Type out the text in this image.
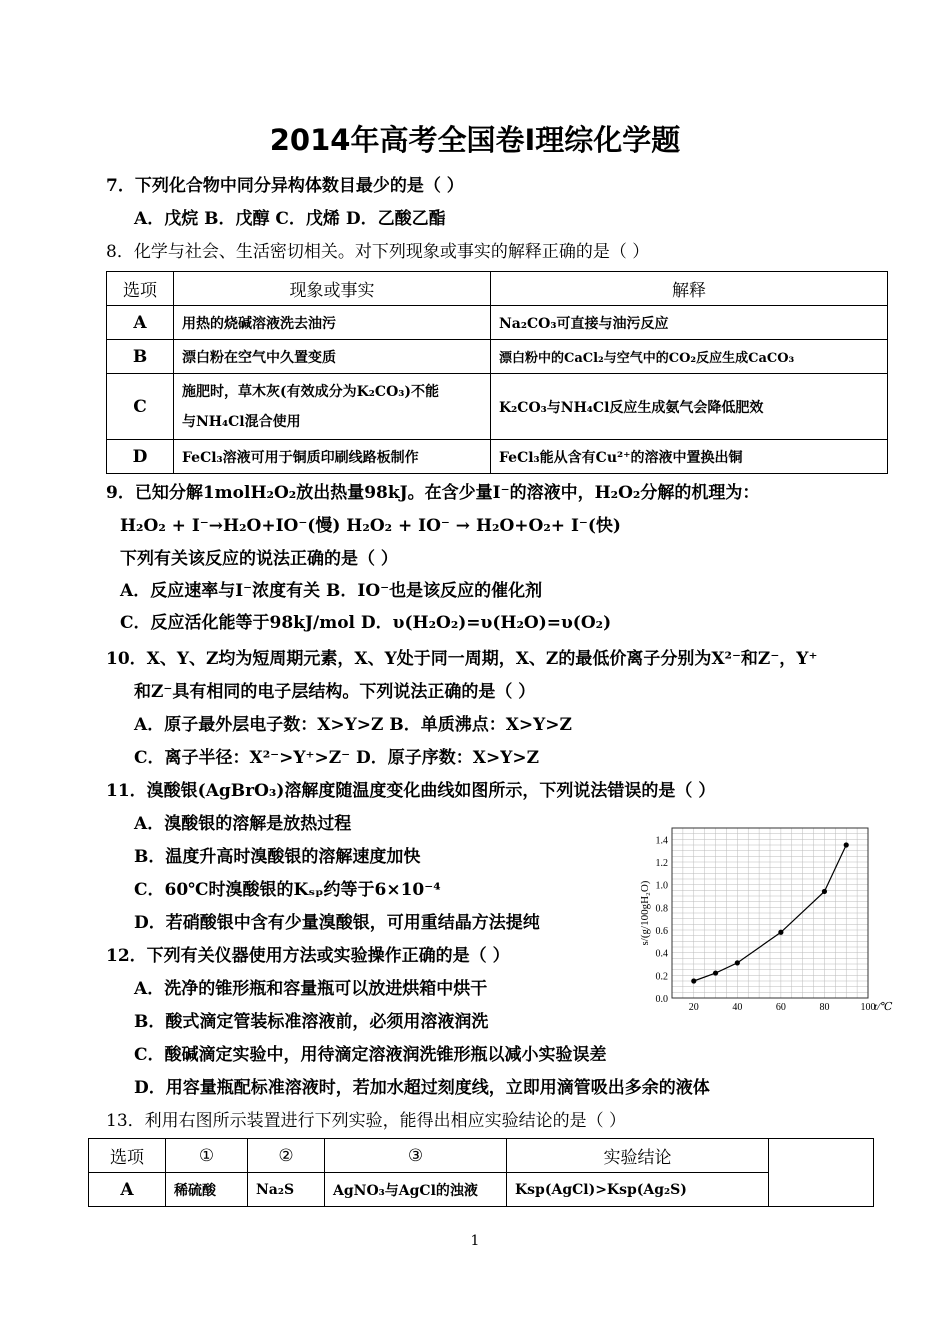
2014年高考全国卷I理综化学题
7．下列化合物中同分异构体数目最少的是（ ）
A．戊烷 B．戊醇 C．戊烯 D．乙酸乙酯
8．化学与社会、生活密切相关。对下列现象或事实的解释正确的是（ ）
选项	现象或事实	解释
A	用热的烧碱溶液洗去油污	Na₂CO₃可直接与油污反应
B	漂白粉在空气中久置变质	漂白粉中的CaCl₂与空气中的CO₂反应生成CaCO₃
C	施肥时，草木灰(有效成分为K₂CO₃)不能
与NH₄Cl混合使用	K₂CO₃与NH₄Cl反应生成氨气会降低肥效
D	FeCl₃溶液可用于铜质印刷线路板制作	FeCl₃能从含有Cu²⁺的溶液中置换出铜
9．已知分解1molH₂O₂放出热量98kJ。在含少量I⁻的溶液中，H₂O₂分解的机理为：
H₂O₂ + I⁻→H₂O+IO⁻(慢) H₂O₂ + IO⁻ → H₂O+O₂+ I⁻(快)
下列有关该反应的说法正确的是（ ）
A．反应速率与I⁻浓度有关 B．IO⁻也是该反应的催化剂
C．反应活化能等于98kJ/mol D．υ(H₂O₂)=υ(H₂O)=υ(O₂)
10．X、Y、Z均为短周期元素，X、Y处于同一周期，X、Z的最低价离子分别为X²⁻和Z⁻，Y⁺
和Z⁻具有相同的电子层结构。下列说法正确的是（ ）
A．原子最外层电子数：X>Y>Z B．单质沸点：X>Y>Z
C．离子半径：X²⁻>Y⁺>Z⁻ D．原子序数：X>Y>Z
11．溴酸银(AgBrO₃)溶解度随温度变化曲线如图所示，下列说法错误的是（ ）
A．溴酸银的溶解是放热过程
B．温度升高时溴酸银的溶解速度加快
C．60℃时溴酸银的Kₛₚ约等于6×10⁻⁴
D．若硝酸银中含有少量溴酸银，可用重结晶方法提纯
0.0
0.2
0.4
0.6
0.8
1.0
1.2
1.4
20	40	60	80	100
t/℃
s/(g/100gH₂O)
12．下列有关仪器使用方法或实验操作正确的是（ ）
A．洗净的锥形瓶和容量瓶可以放进烘箱中烘干
B．酸式滴定管装标准溶液前，必须用溶液润洗
C．酸碱滴定实验中，用待滴定溶液润洗锥形瓶以减小实验误差
D．用容量瓶配标准溶液时，若加水超过刻度线，立即用滴管吸出多余的液体
13．利用右图所示装置进行下列实验，能得出相应实验结论的是（ ）
选项	①	②	③	实验结论	
A	稀硫酸	Na₂S	AgNO₃与AgCl的浊液	Ksp(AgCl)>Ksp(Ag₂S)	
1
